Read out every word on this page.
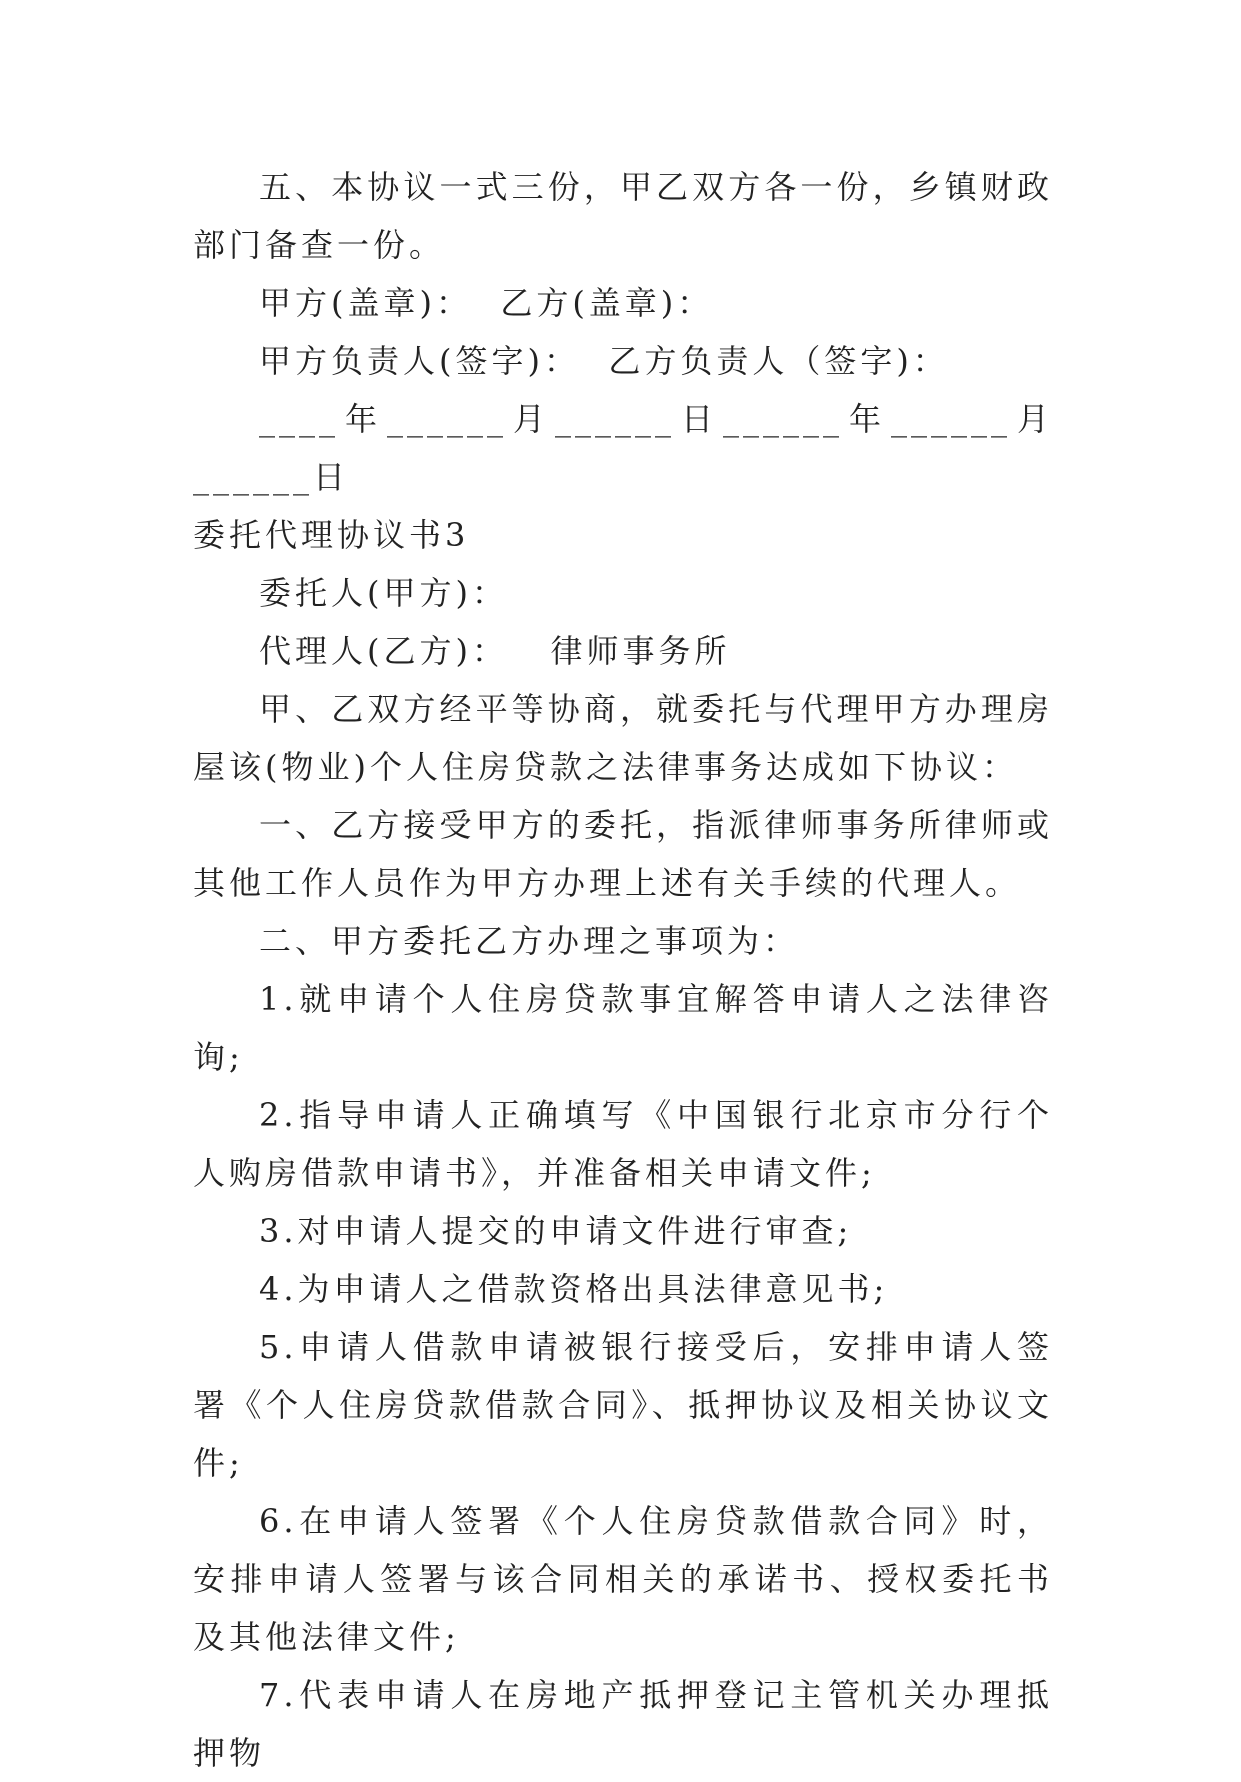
五、本协议一式三份，甲乙双方各一份，乡镇财政部门备查一份。

甲方(盖章)：  乙方(盖章)：

甲方负责人(签字)：  乙方负责人（签字)：

____年______月______日______年______月______日

委托代理协议书3

委托人(甲方)：

代理人(乙方)：   律师事务所

甲、乙双方经平等协商，就委托与代理甲方办理房屋该(物业)个人住房贷款之法律事务达成如下协议：

一、乙方接受甲方的委托，指派律师事务所律师或其他工作人员作为甲方办理上述有关手续的代理人。

二、甲方委托乙方办理之事项为：

1.就申请个人住房贷款事宜解答申请人之法律咨询;

2.指导申请人正确填写《中国银行北京市分行个人购房借款申请书》，并准备相关申请文件;

3.对申请人提交的申请文件进行审查;

4.为申请人之借款资格出具法律意见书;

5.申请人借款申请被银行接受后，安排申请人签署《个人住房贷款借款合同》、抵押协议及相关协议文件;

6.在申请人签署《个人住房贷款借款合同》时，安排申请人签署与该合同相关的承诺书、授权委托书及其他法律文件;

7.代表申请人在房地产抵押登记主管机关办理抵押物
